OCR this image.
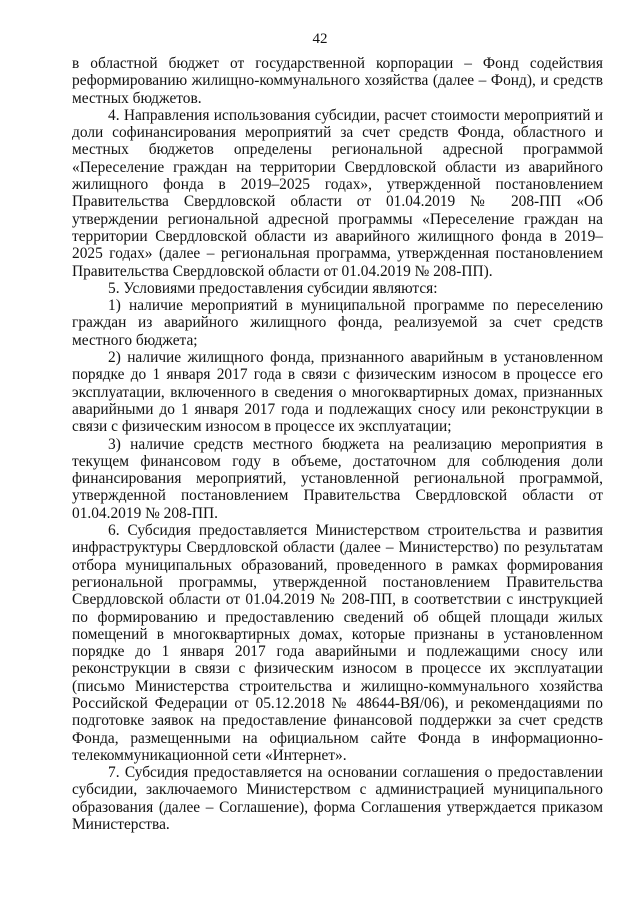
42

в областной бюджет от государственной корпорации – Фонд содействия реформированию жилищно-коммунального хозяйства (далее – Фонд), и средств местных бюджетов.

4. Направления использования субсидии, расчет стоимости мероприятий и доли софинансирования мероприятий за счет средств Фонда, областного и местных бюджетов определены региональной адресной программой «Переселение граждан на территории Свердловской области из аварийного жилищного фонда в 2019–2025 годах», утвержденной постановлением Правительства Свердловской области от 01.04.2019 № 208-ПП «Об утверждении региональной адресной программы «Переселение граждан на территории Свердловской области из аварийного жилищного фонда в 2019–2025 годах» (далее – региональная программа, утвержденная постановлением Правительства Свердловской области от 01.04.2019 № 208-ПП).

5. Условиями предоставления субсидии являются:

1) наличие мероприятий в муниципальной программе по переселению граждан из аварийного жилищного фонда, реализуемой за счет средств местного бюджета;

2) наличие жилищного фонда, признанного аварийным в установленном порядке до 1 января 2017 года в связи с физическим износом в процессе его эксплуатации, включенного в сведения о многоквартирных домах, признанных аварийными до 1 января 2017 года и подлежащих сносу или реконструкции в связи с физическим износом в процессе их эксплуатации;

3) наличие средств местного бюджета на реализацию мероприятия в текущем финансовом году в объеме, достаточном для соблюдения доли финансирования мероприятий, установленной региональной программой, утвержденной постановлением Правительства Свердловской области от 01.04.2019 № 208-ПП.

6. Субсидия предоставляется Министерством строительства и развития инфраструктуры Свердловской области (далее – Министерство) по результатам отбора муниципальных образований, проведенного в рамках формирования региональной программы, утвержденной постановлением Правительства Свердловской области от 01.04.2019 № 208-ПП, в соответствии с инструкцией по формированию и предоставлению сведений об общей площади жилых помещений в многоквартирных домах, которые признаны в установленном порядке до 1 января 2017 года аварийными и подлежащими сносу или реконструкции в связи с физическим износом в процессе их эксплуатации (письмо Министерства строительства и жилищно-коммунального хозяйства Российской Федерации от 05.12.2018 № 48644-ВЯ/06), и рекомендациями по подготовке заявок на предоставление финансовой поддержки за счет средств Фонда, размещенными на официальном сайте Фонда в информационно-телекоммуникационной сети «Интернет».

7. Субсидия предоставляется на основании соглашения о предоставлении субсидии, заключаемого Министерством с администрацией муниципального образования (далее – Соглашение), форма Соглашения утверждается приказом Министерства.
